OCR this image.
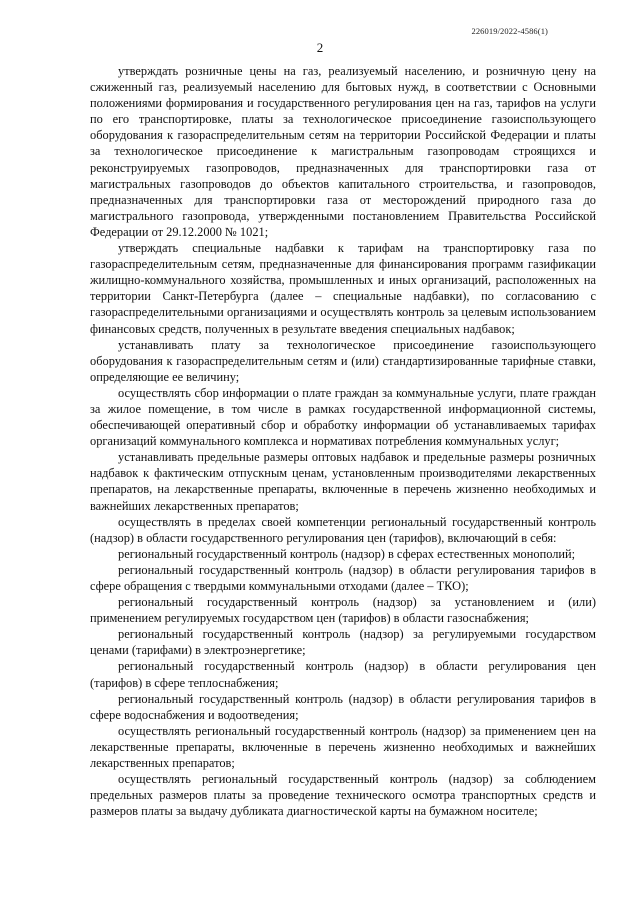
226019/2022-4586(1)
2

утверждать розничные цены на газ, реализуемый населению, и розничную цену на сжиженный газ, реализуемый населению для бытовых нужд, в соответствии с Основными положениями формирования и государственного регулирования цен на газ, тарифов на услуги по его транспортировке, платы за технологическое присоединение газоиспользующего оборудования к газораспределительным сетям на территории Российской Федерации и платы за технологическое присоединение к магистральным газопроводам строящихся и реконструируемых газопроводов, предназначенных для транспортировки газа от магистральных газопроводов до объектов капитального строительства, и газопроводов, предназначенных для транспортировки газа от месторождений природного газа до магистрального газопровода, утвержденными постановлением Правительства Российской Федерации от 29.12.2000 № 1021;

утверждать специальные надбавки к тарифам на транспортировку газа по газораспределительным сетям, предназначенные для финансирования программ газификации жилищно-коммунального хозяйства, промышленных и иных организаций, расположенных на территории Санкт-Петербурга (далее – специальные надбавки), по согласованию с газораспределительными организациями и осуществлять контроль за целевым использованием финансовых средств, полученных в результате введения специальных надбавок;

устанавливать плату за технологическое присоединение газоиспользующего оборудования к газораспределительным сетям и (или) стандартизированные тарифные ставки, определяющие ее величину;

осуществлять сбор информации о плате граждан за коммунальные услуги, плате граждан за жилое помещение, в том числе в рамках государственной информационной системы, обеспечивающей оперативный сбор и обработку информации об устанавливаемых тарифах организаций коммунального комплекса и нормативах потребления коммунальных услуг;

устанавливать предельные размеры оптовых надбавок и предельные размеры розничных надбавок к фактическим отпускным ценам, установленным производителями лекарственных препаратов, на лекарственные препараты, включенные в перечень жизненно необходимых и важнейших лекарственных препаратов;

осуществлять в пределах своей компетенции региональный государственный контроль (надзор) в области государственного регулирования цен (тарифов), включающий в себя:

региональный государственный контроль (надзор) в сферах естественных монополий;

региональный государственный контроль (надзор) в области регулирования тарифов в сфере обращения с твердыми коммунальными отходами (далее – ТКО);

региональный государственный контроль (надзор) за установлением и (или) применением регулируемых государством цен (тарифов) в области газоснабжения;

региональный государственный контроль (надзор) за регулируемыми государством ценами (тарифами) в электроэнергетике;

региональный государственный контроль (надзор) в области регулирования цен (тарифов) в сфере теплоснабжения;

региональный государственный контроль (надзор) в области регулирования тарифов в сфере водоснабжения и водоотведения;

осуществлять региональный государственный контроль (надзор) за применением цен на лекарственные препараты, включенные в перечень жизненно необходимых и важнейших лекарственных препаратов;

осуществлять региональный государственный контроль (надзор) за соблюдением предельных размеров платы за проведение технического осмотра транспортных средств и размеров платы за выдачу дубликата диагностической карты на бумажном носителе;
